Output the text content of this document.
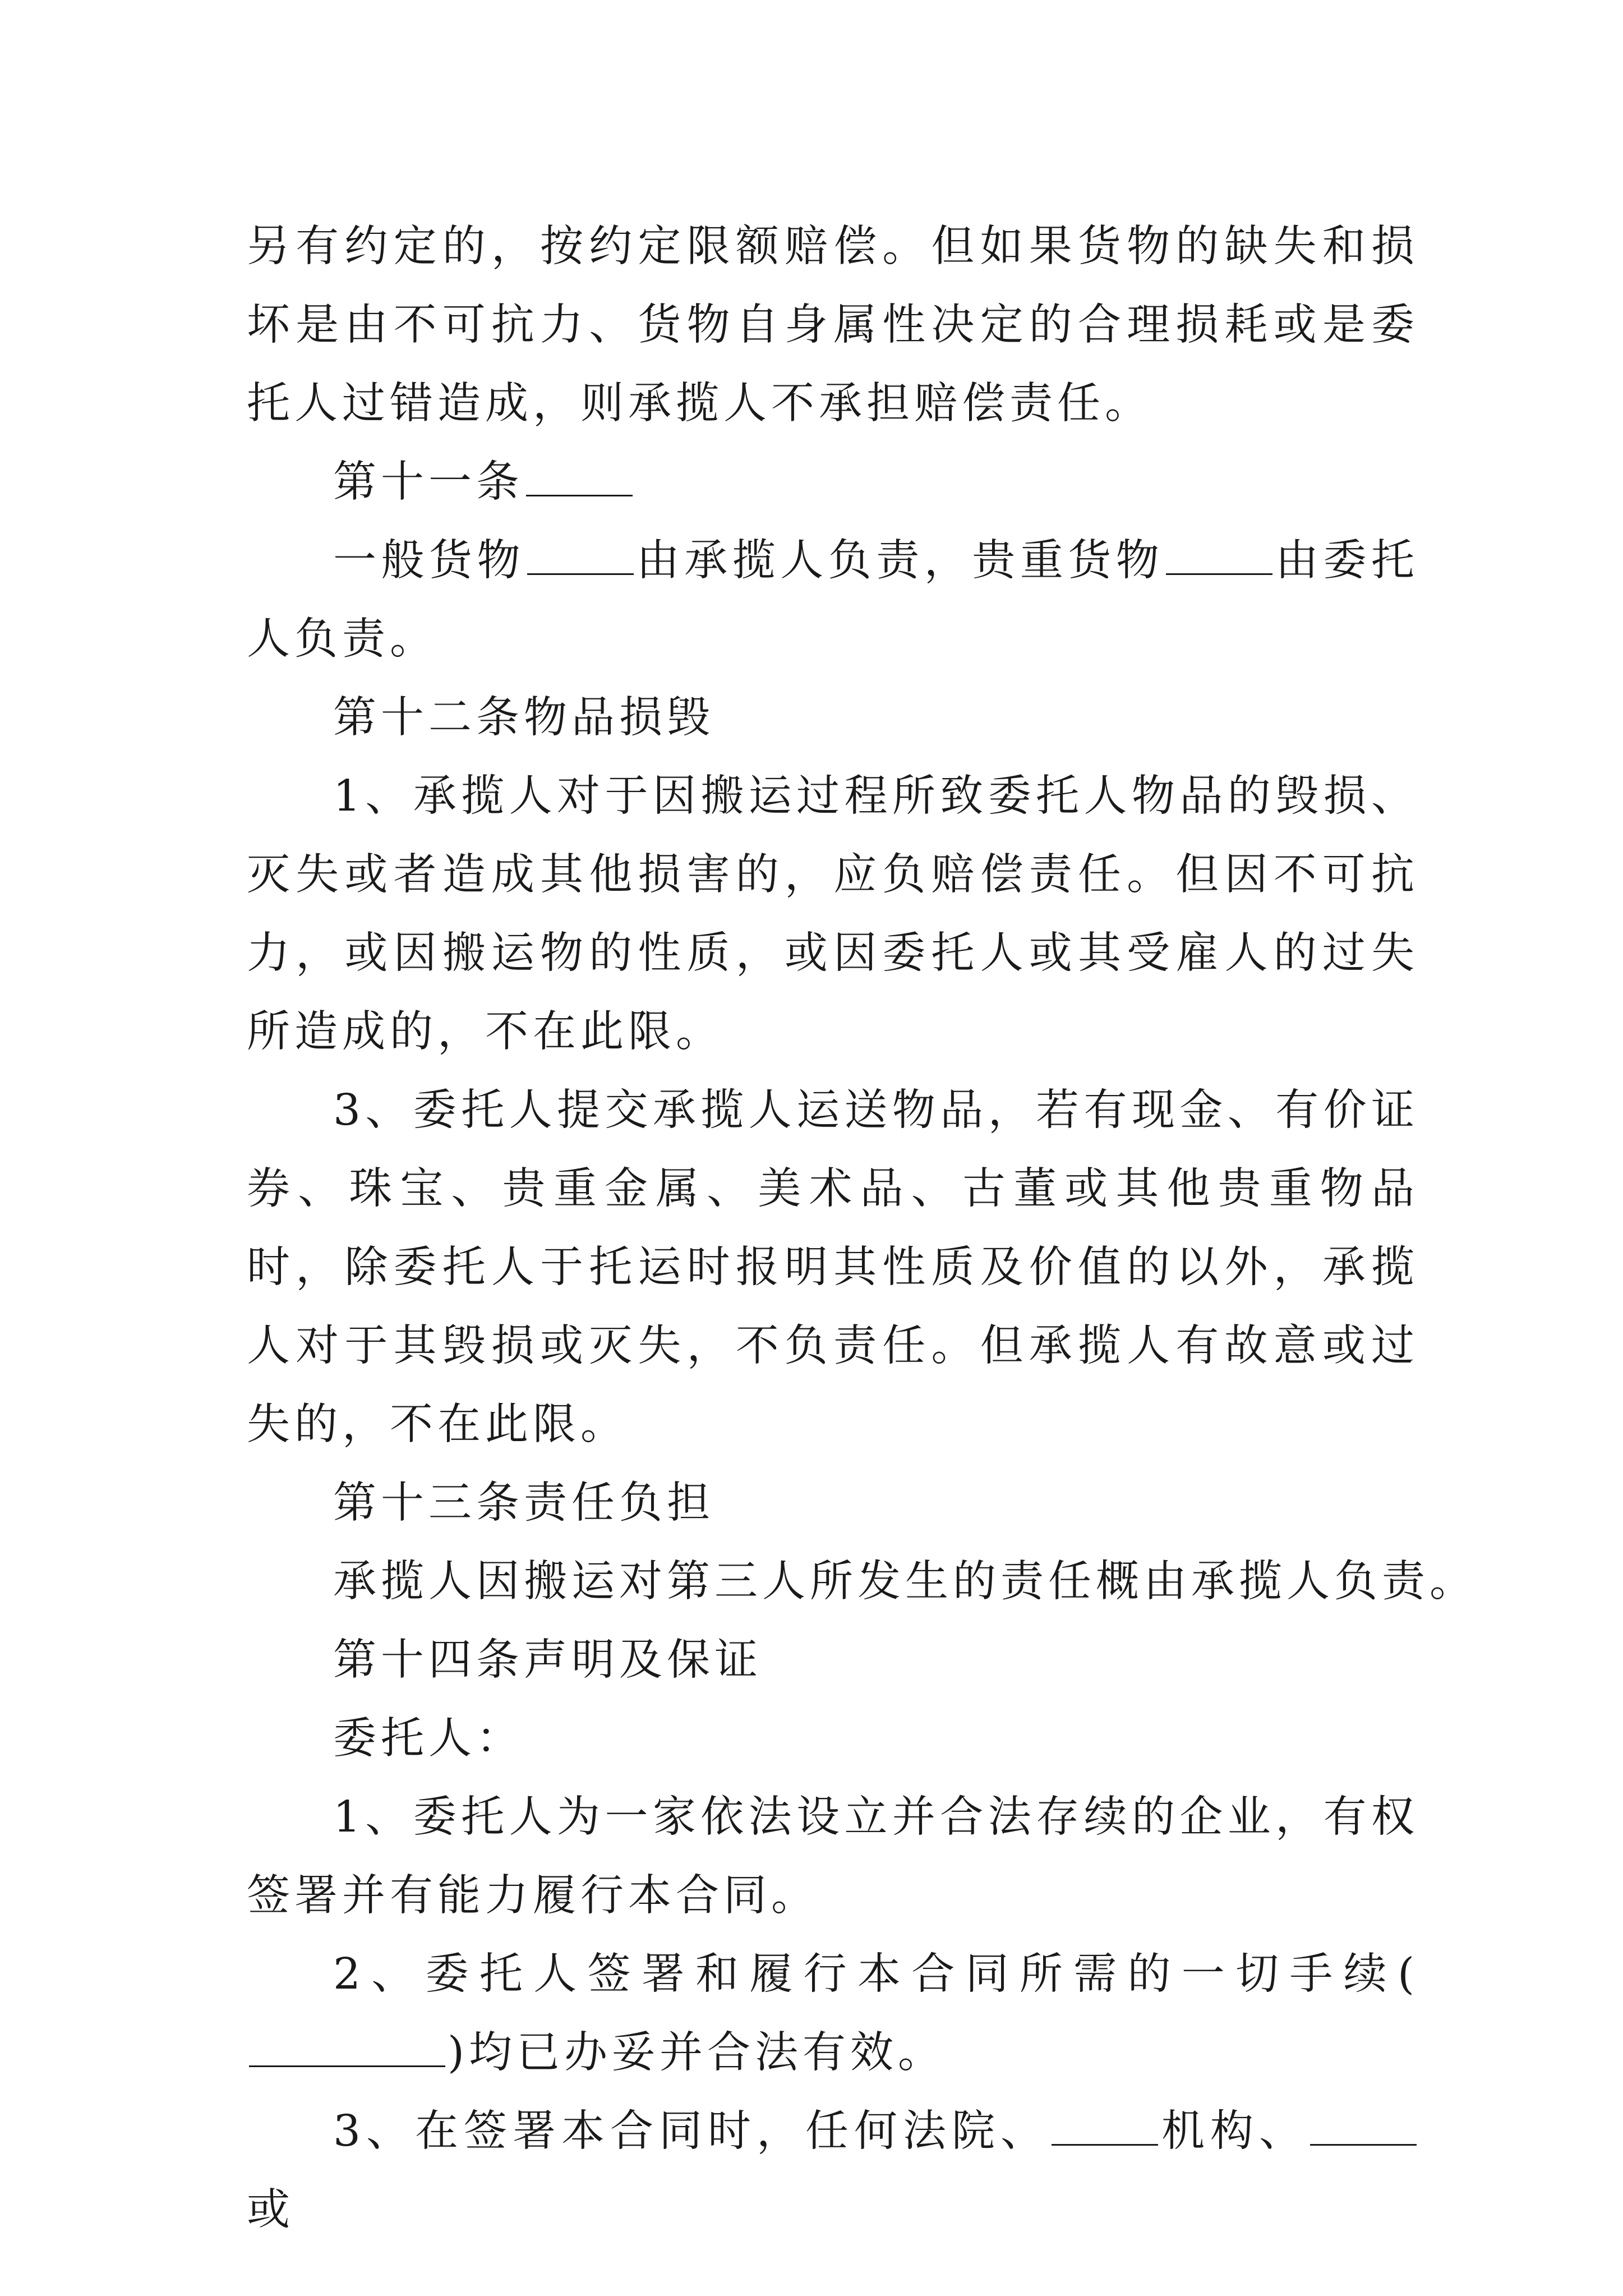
另有约定的，按约定限额赔偿。但如果货物的缺失和损坏是由不可抗力、货物自身属性决定的合理损耗或是委托人过错造成，则承揽人不承担赔偿责任。

第十一条

一般货物	由承揽人负责，贵重货物	由委托人负责。

第十二条物品损毁

1、承揽人对于因搬运过程所致委托人物品的毁损、灭失或者造成其他损害的，应负赔偿责任。但因不可抗力，或因搬运物的性质，或因委托人或其受雇人的过失所造成的，不在此限。

3、委托人提交承揽人运送物品，若有现金、有价证券、珠宝、贵重金属、美术品、古董或其他贵重物品时，除委托人于托运时报明其性质及价值的以外，承揽人对于其毁损或灭失，不负责任。但承揽人有故意或过失的，不在此限。

第十三条责任负担

承揽人因搬运对第三人所发生的责任概由承揽人负责。

第十四条声明及保证

委托人：

1、委托人为一家依法设立并合法存续的企业，有权签署并有能力履行本合同。

2、委托人签署和履行本合同所需的一切手续()均已办妥并合法有效。

3、在签署本合同时，任何法院、	机构、或
